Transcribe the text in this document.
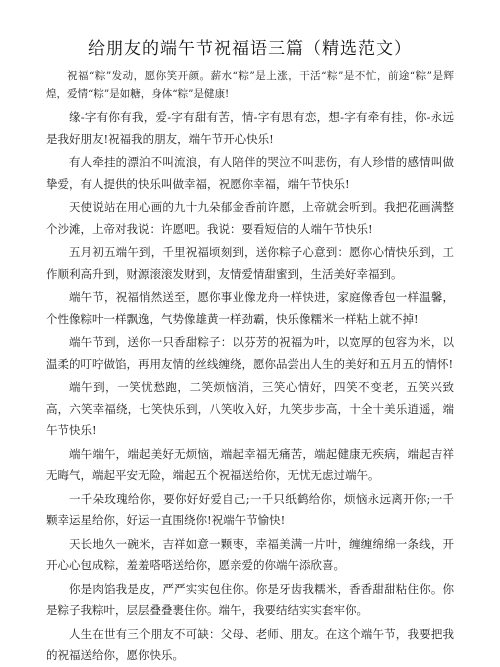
给朋友的端午节祝福语三篇（精选范文）

祝福“粽”发动，愿你笑开颜。薪水“粽”是上涨，干活“粽”是不忙，前途“粽”是辉煌，爱情“粽”是如糖，身体“粽”是健康!

缘-字有你有我，爱-字有甜有苦，情-字有思有恋，想-字有牵有挂，你-永远是我好朋友!祝福我的朋友，端午节开心快乐!

有人牵挂的漂泊不叫流浪，有人陪伴的哭泣不叫悲伤，有人珍惜的感情叫做挚爱，有人提供的快乐叫做幸福，祝愿你幸福，端午节快乐!

天使说站在用心画的九十九朵郁金香前许愿，上帝就会听到。我把花画满整个沙滩，上帝对我说：许愿吧。我说：要看短信的人端午节快乐!

五月初五端午到，千里祝福顷刻到，送你粽子心意到：愿你心情快乐到，工作顺利高升到，财源滚滚发财到，友情爱情甜蜜到，生活美好幸福到。

端午节，祝福悄然送至，愿你事业像龙舟一样快进，家庭像香包一样温馨，个性像粽叶一样飘逸，气势像雄黄一样劲霸，快乐像糯米一样粘上就不掉!

端午节到，送你一只香甜粽子：以芬芳的祝福为叶，以宽厚的包容为米，以温柔的叮咛做馅，再用友情的丝线缠绕，愿你品尝出人生的美好和五月五的情怀!

端午到，一笑忧愁跑，二笑烦恼消，三笑心情好，四笑不变老，五笑兴致高，六笑幸福绕，七笑快乐到，八笑收入好，九笑步步高，十全十美乐逍遥，端午节快乐!

端午端午，端起美好无烦恼，端起幸福无痛苦，端起健康无疾病，端起吉祥无晦气，端起平安无险，端起五个祝福送给你，无忧无虑过端午。

一千朵玫瑰给你，要你好好爱自己;一千只纸鹤给你，烦恼永远离开你;一千颗幸运星给你，好运一直围绕你!祝端午节愉快!

天长地久一碗米，吉祥如意一颗枣，幸福美满一片叶，缠缠绵绵一条线，开开心心包成粽，羞羞嗒嗒送给你，愿亲爱的你端午添欣喜。

你是肉馅我是皮，严严实实包住你。你是牙齿我糯米，香香甜甜粘住你。你是粽子我粽叶，层层叠叠裹住你。端午，我要结结实实套牢你。

人生在世有三个朋友不可缺：父母、老师、朋友。在这个端午节，我要把我的祝福送给你，愿你快乐。
